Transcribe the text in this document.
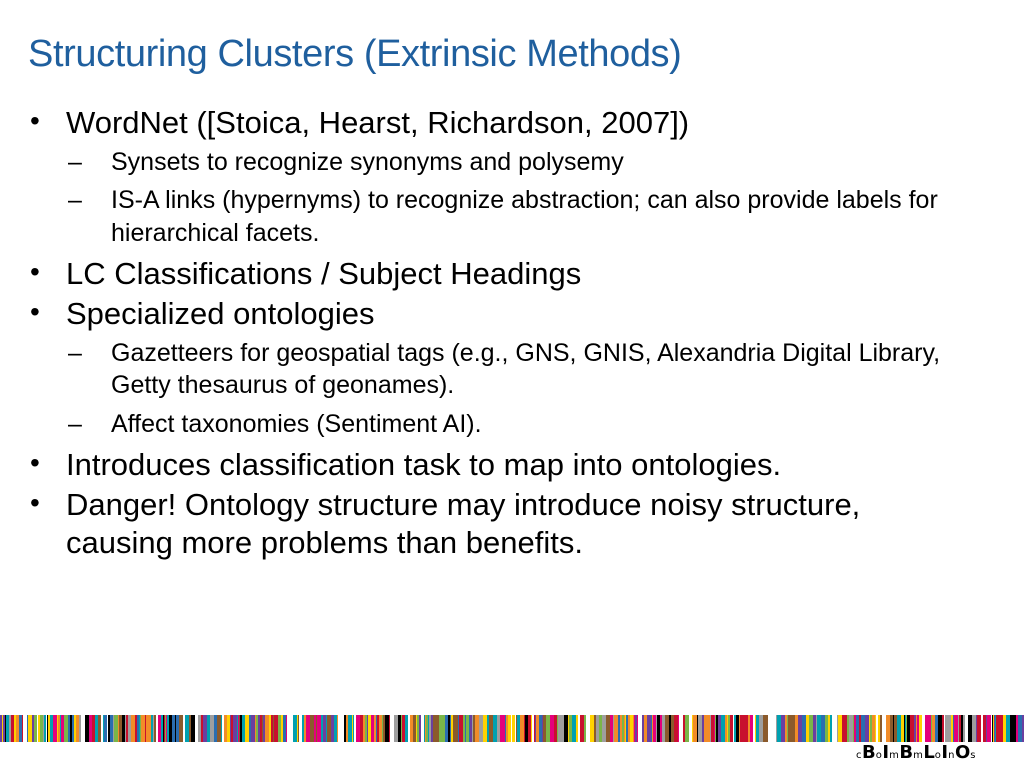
Structuring Clusters (Extrinsic Methods)
• WordNet ([Stoica, Hearst, Richardson, 2007])
– Synsets to recognize synonyms and polysemy
– IS-A links (hypernyms) to recognize abstraction; can also provide labels for hierarchical facets.
• LC Classifications / Subject Headings
• Specialized ontologies
– Gazetteers for geospatial tags (e.g., GNS, GNIS, Alexandria Digital Library, Getty thesaurus of geonames).
– Affect taxonomies (Sentiment AI).
• Introduces classification task to map into ontologies.
• Danger! Ontology structure may introduce noisy structure, causing more problems than benefits.
c B o I m B m L o I n O s
